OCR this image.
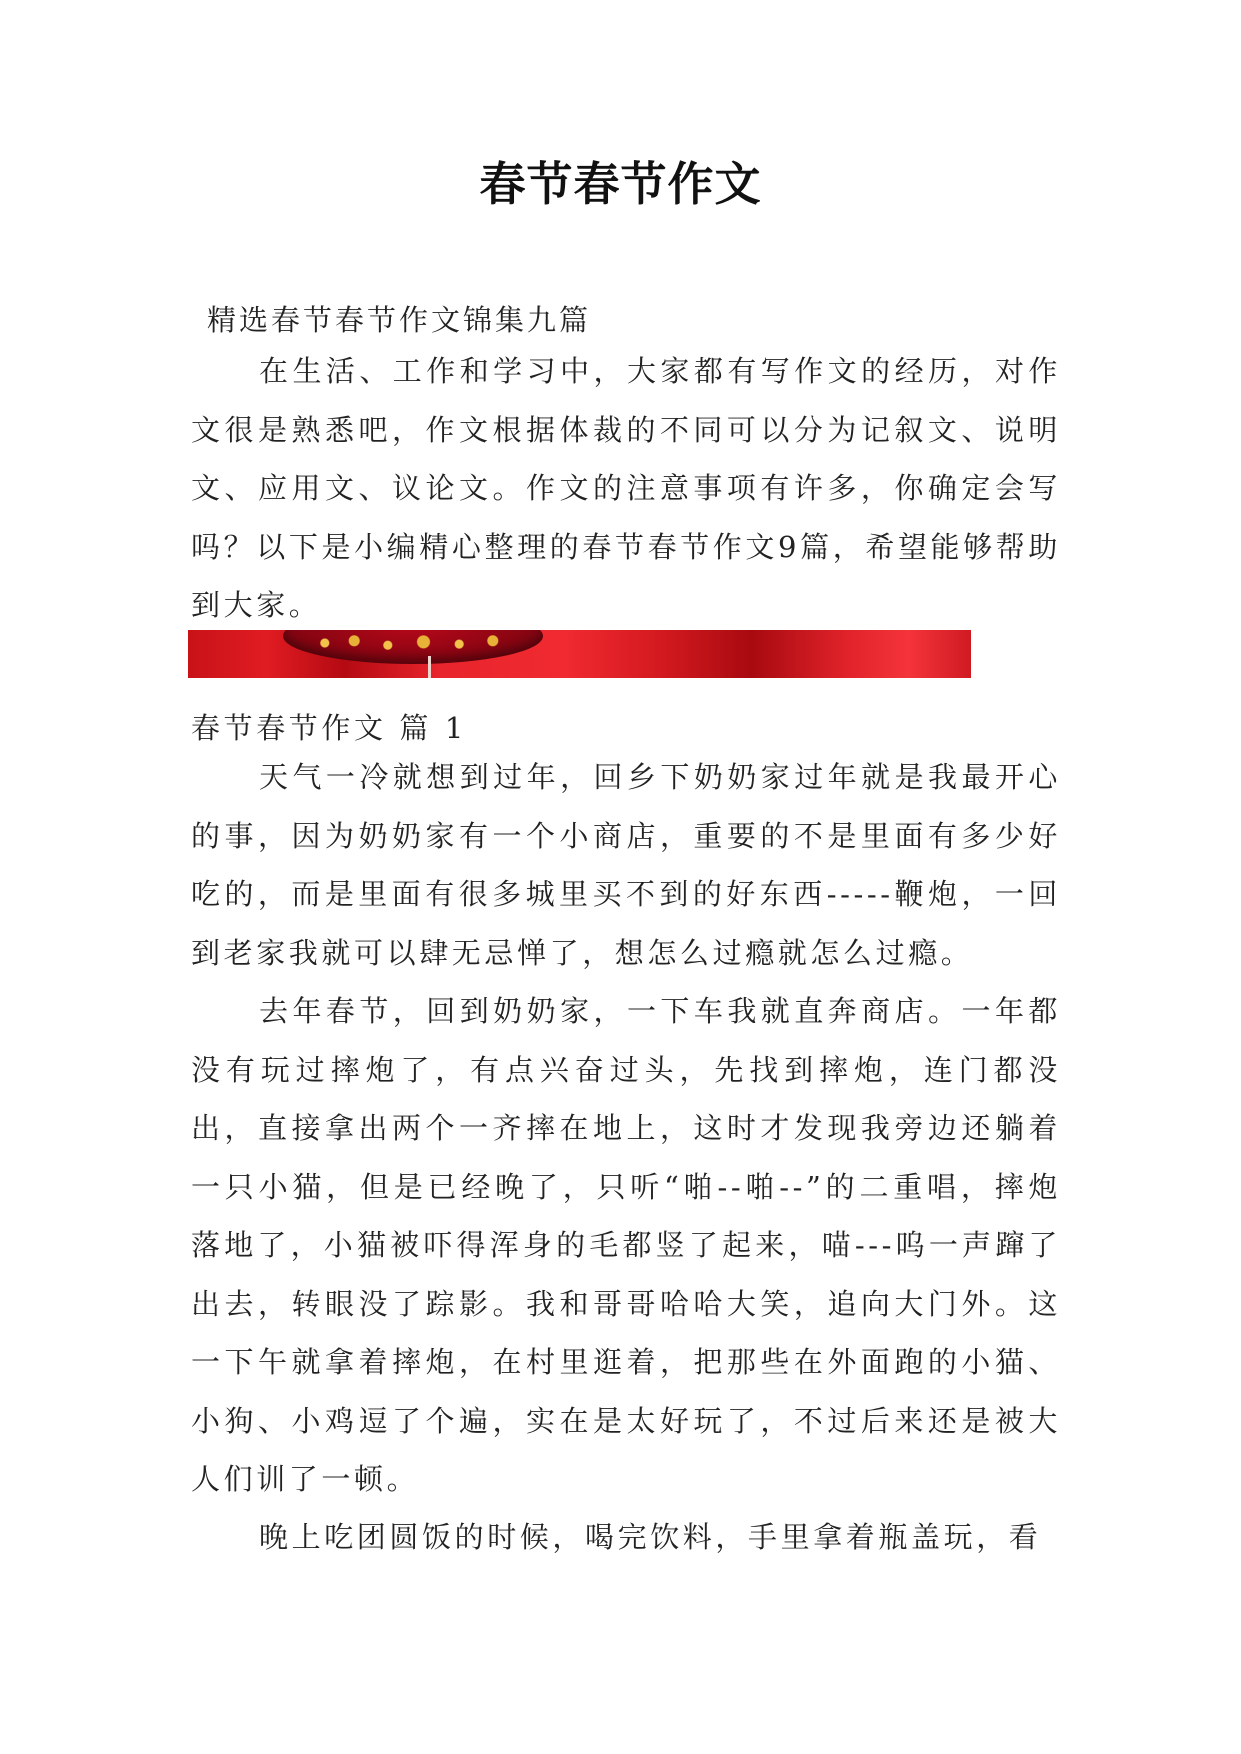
春节春节作文
精选春节春节作文锦集九篇

在生活、工作和学习中，大家都有写作文的经历，对作文很是熟悉吧，作文根据体裁的不同可以分为记叙文、说明文、应用文、议论文。作文的注意事项有许多，你确定会写吗？以下是小编精心整理的春节春节作文9篇，希望能够帮助到大家。

春节春节作文 篇 1

天气一冷就想到过年，回乡下奶奶家过年就是我最开心的事，因为奶奶家有一个小商店，重要的不是里面有多少好吃的，而是里面有很多城里买不到的好东西-----鞭炮，一回到老家我就可以肆无忌惮了，想怎么过瘾就怎么过瘾。

去年春节，回到奶奶家，一下车我就直奔商店。一年都没有玩过摔炮了，有点兴奋过头，先找到摔炮，连门都没出，直接拿出两个一齐摔在地上，这时才发现我旁边还躺着一只小猫，但是已经晚了，只听“啪--啪--”的二重唱，摔炮落地了，小猫被吓得浑身的毛都竖了起来，喵---呜一声蹿了出去，转眼没了踪影。我和哥哥哈哈大笑，追向大门外。这一下午就拿着摔炮，在村里逛着，把那些在外面跑的小猫、小狗、小鸡逗了个遍，实在是太好玩了，不过后来还是被大人们训了一顿。

晚上吃团圆饭的时候，喝完饮料，手里拿着瓶盖玩，看
